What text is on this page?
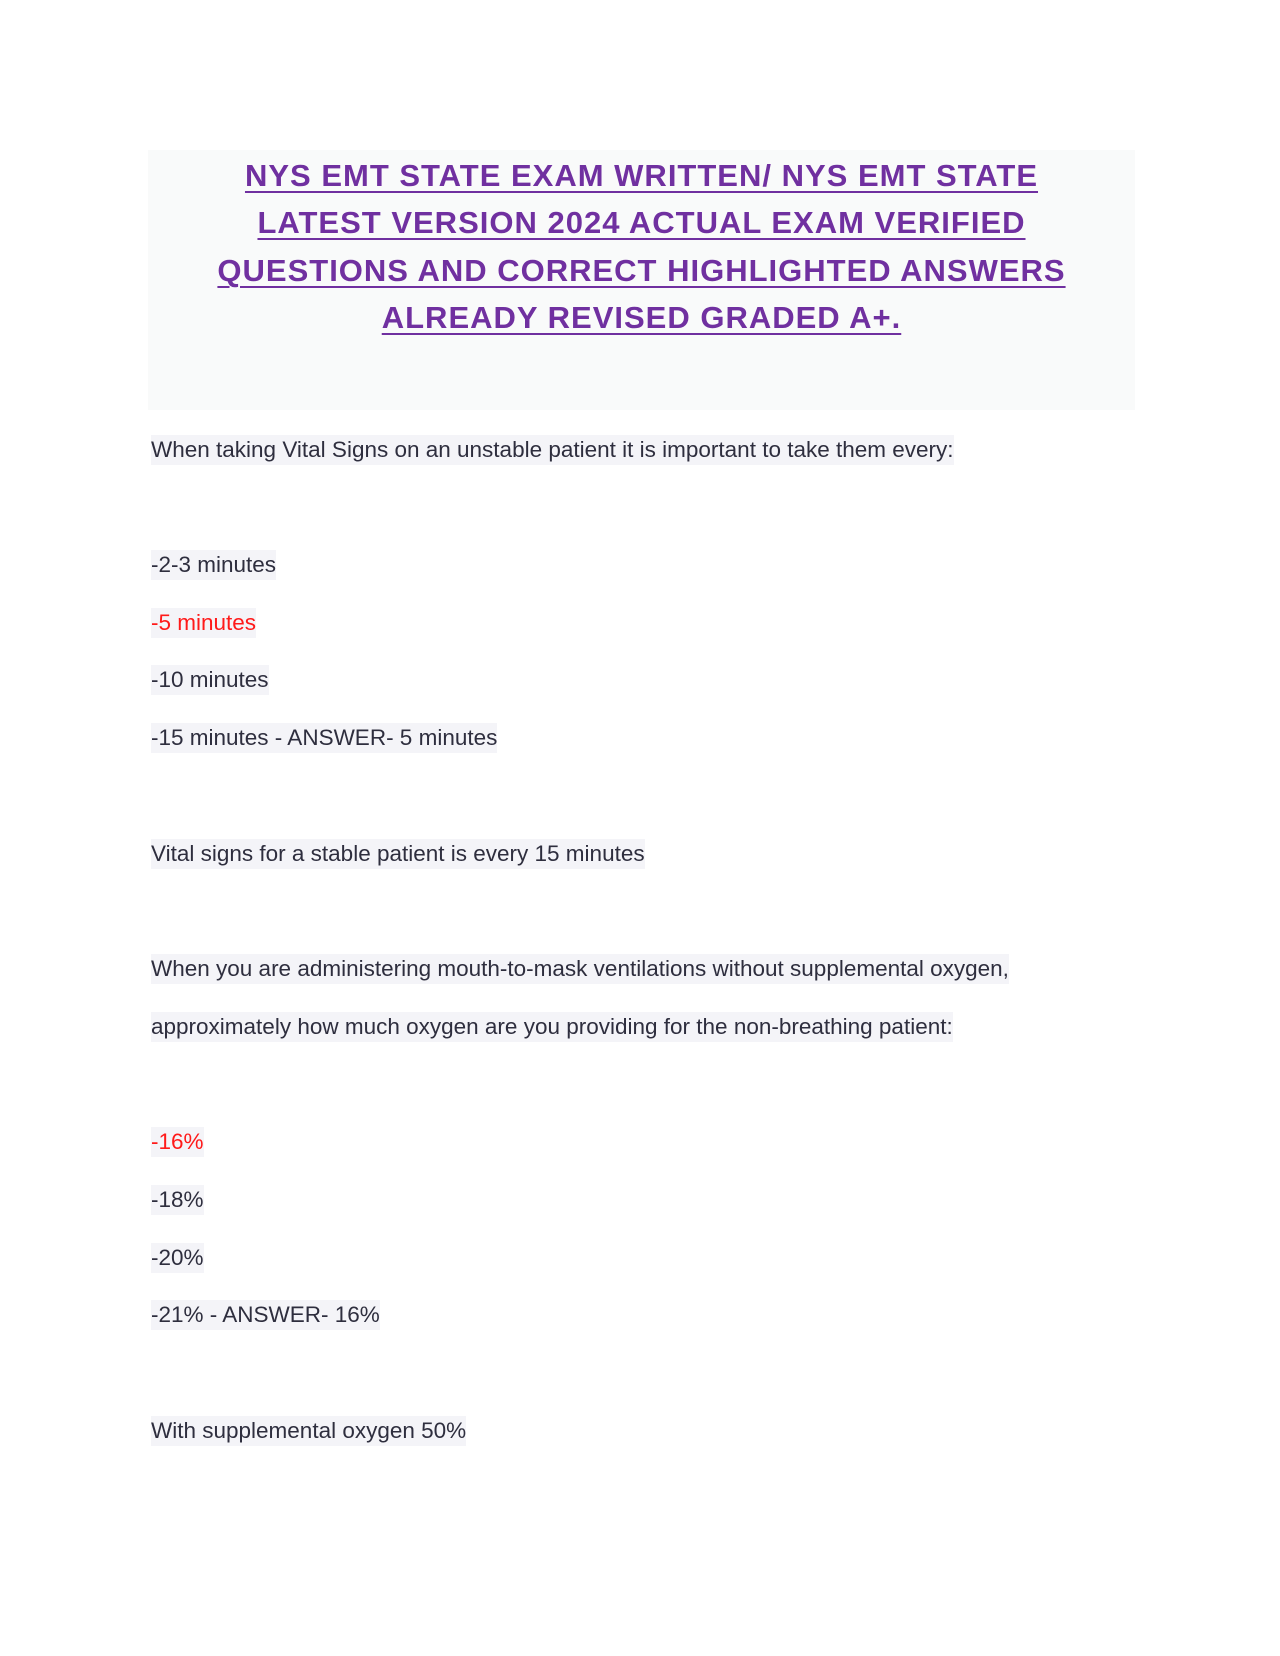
NYS EMT STATE EXAM WRITTEN/ NYS EMT STATE
LATEST VERSION 2024 ACTUAL EXAM VERIFIED
QUESTIONS AND CORRECT HIGHLIGHTED ANSWERS
ALREADY REVISED GRADED A+.
When taking Vital Signs on an unstable patient it is important to take them every:
-2-3 minutes
-5 minutes
-10 minutes
-15 minutes - ANSWER- 5 minutes
Vital signs for a stable patient is every 15 minutes
When you are administering mouth-to-mask ventilations without supplemental oxygen,
approximately how much oxygen are you providing for the non-breathing patient:
-16%
-18%
-20%
-21% - ANSWER- 16%
With supplemental oxygen 50%
